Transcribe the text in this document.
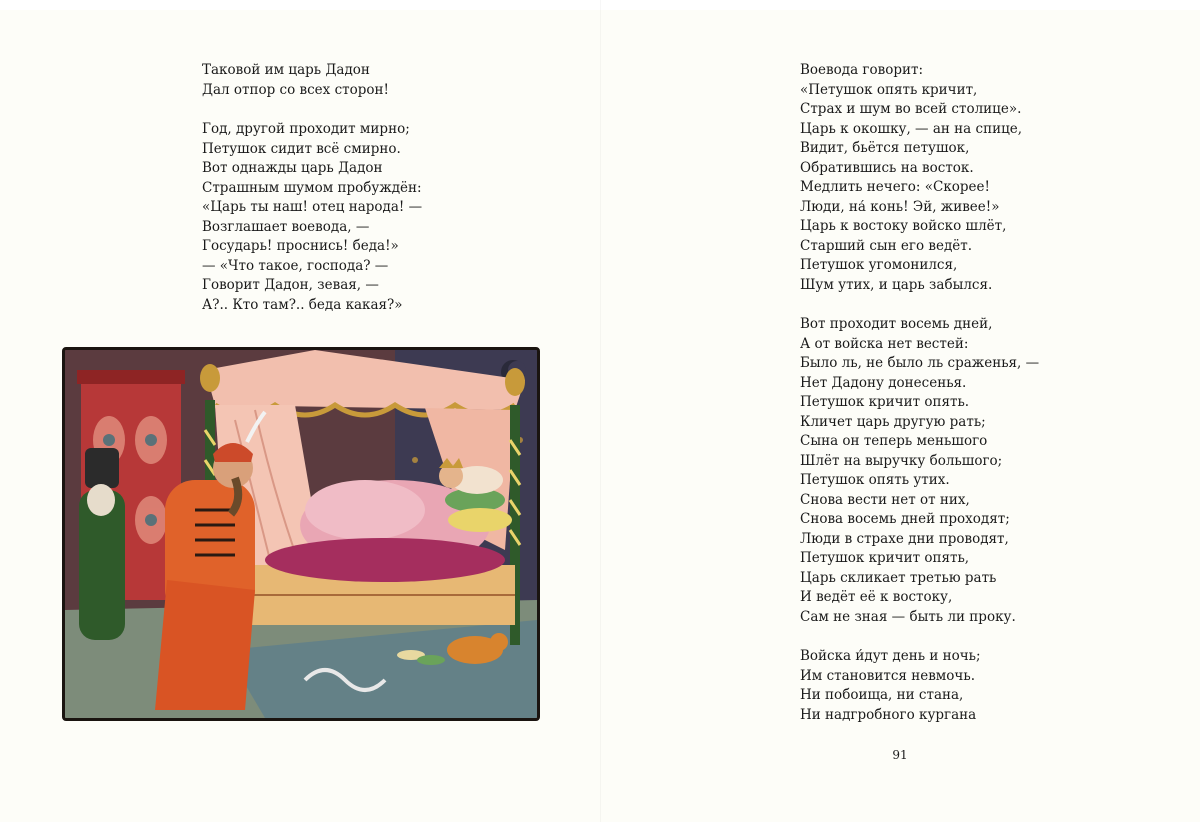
Таковой им царь Дадон
Дал отпор со всех сторон!
Год, другой проходит мирно;
Петушок сидит всё смирно.
Вот однажды царь Дадон
Страшным шумом пробуждён:
«Царь ты наш! отец народа! —
Возглашает воевода, —
Государь! проснись! беда!»
— «Что такое, господа? —
Говорит Дадон, зевая, —
А?.. Кто там?.. беда какая?»
Воевода говорит:
«Петушок опять кричит,
Страх и шум во всей столице».
Царь к окошку, — ан на спице,
Видит, бьётся петушок,
Обратившись на восток.
Медлить нечего: «Скорее!
Люди, на́ конь! Эй, живее!»
Царь к востоку войско шлёт,
Старший сын его ведёт.
Петушок угомонился,
Шум утих, и царь забылся.
Вот проходит восемь дней,
А от войска нет вестей:
Было ль, не было ль сраженья, —
Нет Дадону донесенья.
Петушок кричит опять.
Кличет царь другую рать;
Сына он теперь меньшого
Шлёт на выручку большого;
Петушок опять утих.
Снова вести нет от них,
Снова восемь дней проходят;
Люди в страхе дни проводят,
Петушок кричит опять,
Царь скликает третью рать
И ведёт её к востоку,
Сам не зная — быть ли проку.
Войска и́дут день и ночь;
Им становится невмочь.
Ни побоища, ни стана,
Ни надгробного кургана
91
